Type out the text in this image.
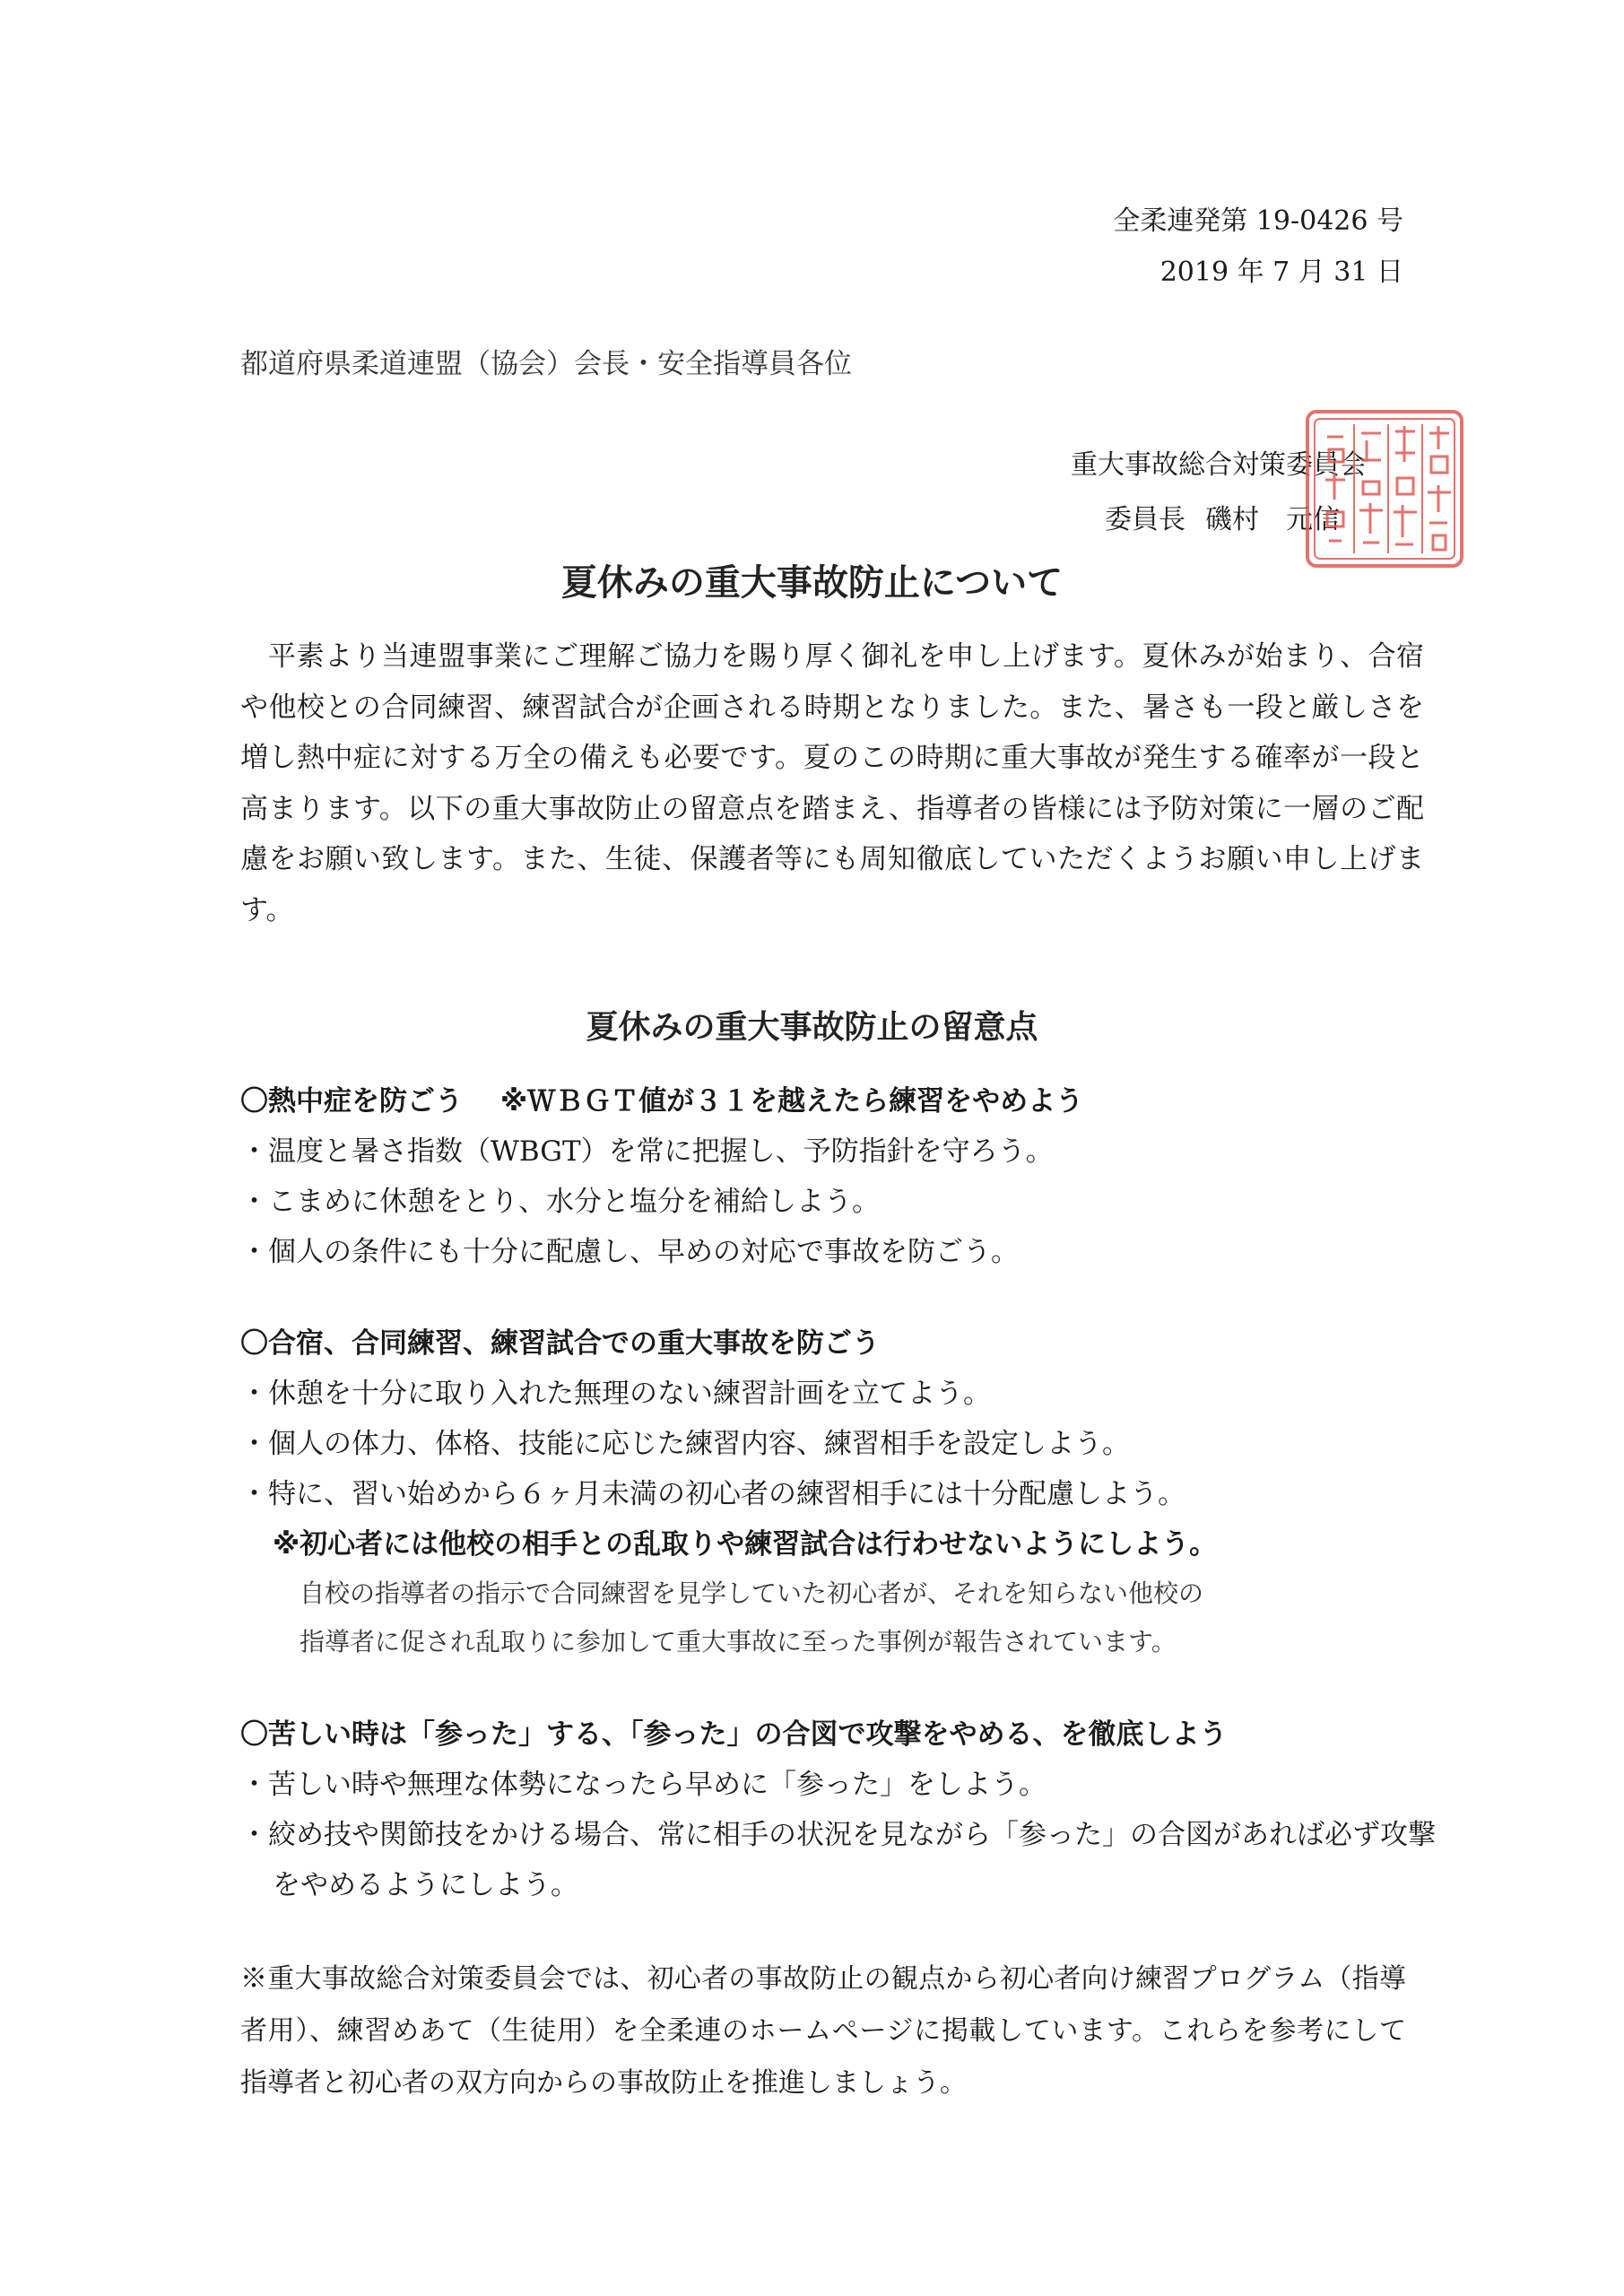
全柔連発第 19-0426 号
2019 年 7 月 31 日
都道府県柔道連盟（協会）会長・安全指導員各位
重大事故総合対策委員会
委員長 磯村　元信
夏休みの重大事故防止について
平素より当連盟事業にご理解ご協力を賜り厚く御礼を申し上げます。夏休みが始まり、合宿や他校との合同練習、練習試合が企画される時期となりました。また、暑さも一段と厳しさを増し熱中症に対する万全の備えも必要です。夏のこの時期に重大事故が発生する確率が一段と高まります。以下の重大事故防止の留意点を踏まえ、指導者の皆様には予防対策に一層のご配慮をお願い致します。また、生徒、保護者等にも周知徹底していただくようお願い申し上げます。
夏休みの重大事故防止の留意点
〇熱中症を防ごう ※ＷＢＧＴ値が３１を越えたら練習をやめよう
・温度と暑さ指数（WBGT）を常に把握し、予防指針を守ろう。
・こまめに休憩をとり、水分と塩分を補給しよう。
・個人の条件にも十分に配慮し、早めの対応で事故を防ごう。
〇合宿、合同練習、練習試合での重大事故を防ごう
・休憩を十分に取り入れた無理のない練習計画を立てよう。
・個人の体力、体格、技能に応じた練習内容、練習相手を設定しよう。
・特に、習い始めから６ヶ月未満の初心者の練習相手には十分配慮しよう。
※初心者には他校の相手との乱取りや練習試合は行わせないようにしよう。
自校の指導者の指示で合同練習を見学していた初心者が、それを知らない他校の
指導者に促され乱取りに参加して重大事故に至った事例が報告されています。
〇苦しい時は「参った」する、「参った」の合図で攻撃をやめる、を徹底しよう
・苦しい時や無理な体勢になったら早めに「参った」をしよう。
・絞め技や関節技をかける場合、常に相手の状況を見ながら「参った」の合図があれば必ず攻撃をやめるようにしよう。
※重大事故総合対策委員会では、初心者の事故防止の観点から初心者向け練習プログラム（指導者用）、練習めあて（生徒用）を全柔連のホームページに掲載しています。これらを参考にして指導者と初心者の双方向からの事故防止を推進しましょう。
